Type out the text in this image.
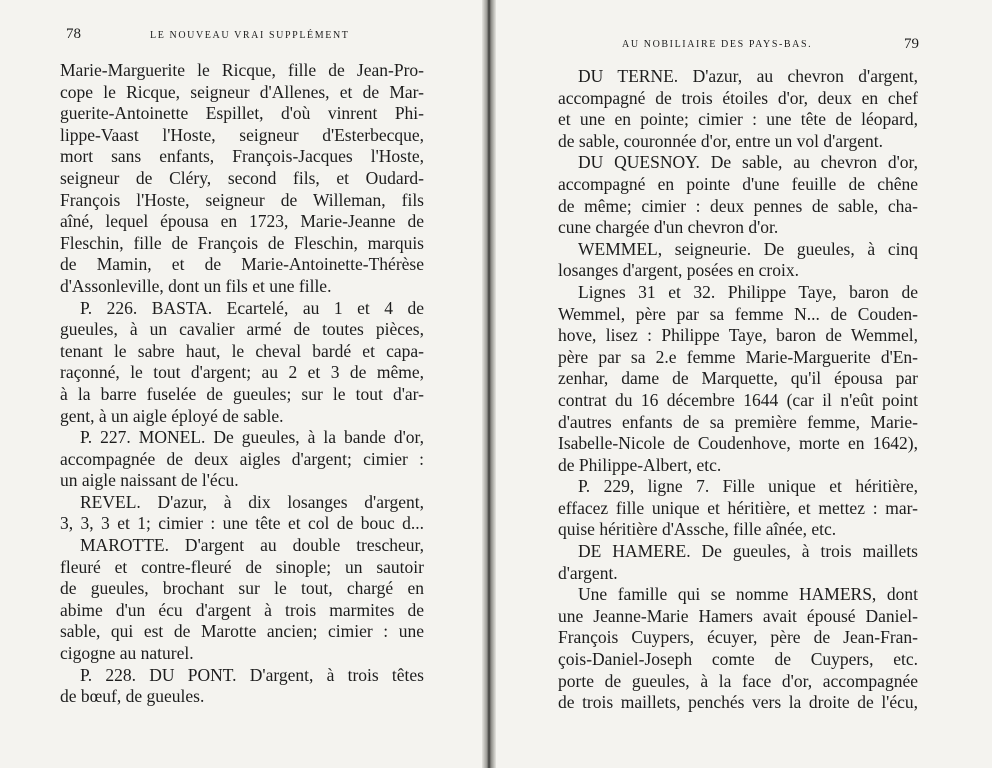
78	LE NOUVEAU VRAI SUPPLÉMENT
Marie-Marguerite le Ricque, fille de Jean-Pro-
cope le Ricque, seigneur d'Allenes, et de Mar-
guerite-Antoinette Espillet, d'où vinrent Phi-
lippe-Vaast l'Hoste, seigneur d'Esterbecque,
mort sans enfants, François-Jacques l'Hoste,
seigneur de Cléry, second fils, et Oudard-
François l'Hoste, seigneur de Willeman, fils
aîné, lequel épousa en 1723, Marie-Jeanne de
Fleschin, fille de François de Fleschin, marquis
de Mamin, et de Marie-Antoinette-Thérèse
d'Assonleville, dont un fils et une fille.
P. 226. BASTA. Ecartelé, au 1 et 4 de
gueules, à un cavalier armé de toutes pièces,
tenant le sabre haut, le cheval bardé et capa-
raçonné, le tout d'argent; au 2 et 3 de même,
à la barre fuselée de gueules; sur le tout d'ar-
gent, à un aigle éployé de sable.
P. 227. MONEL. De gueules, à la bande d'or,
accompagnée de deux aigles d'argent; cimier :
un aigle naissant de l'écu.
REVEL. D'azur, à dix losanges d'argent,
3, 3, 3 et 1; cimier : une tête et col de bouc d...
MAROTTE. D'argent au double trescheur,
fleuré et contre-fleuré de sinople; un sautoir
de gueules, brochant sur le tout, chargé en
abime d'un écu d'argent à trois marmites de
sable, qui est de Marotte ancien; cimier : une
cigogne au naturel.
P. 228. DU PONT. D'argent, à trois têtes
de bœuf, de gueules.
AU NOBILIAIRE DES PAYS-BAS.	79
DU TERNE. D'azur, au chevron d'argent,
accompagné de trois étoiles d'or, deux en chef
et une en pointe; cimier : une tête de léopard,
de sable, couronnée d'or, entre un vol d'argent.
DU QUESNOY. De sable, au chevron d'or,
accompagné en pointe d'une feuille de chêne
de même; cimier : deux pennes de sable, cha-
cune chargée d'un chevron d'or.
WEMMEL, seigneurie. De gueules, à cinq
losanges d'argent, posées en croix.
Lignes 31 et 32. Philippe Taye, baron de
Wemmel, père par sa femme N... de Couden-
hove, lisez : Philippe Taye, baron de Wemmel,
père par sa 2.e femme Marie-Marguerite d'En-
zenhar, dame de Marquette, qu'il épousa par
contrat du 16 décembre 1644 (car il n'eût point
d'autres enfants de sa première femme, Marie-
Isabelle-Nicole de Coudenhove, morte en 1642),
de Philippe-Albert, etc.
P. 229, ligne 7. Fille unique et héritière,
effacez fille unique et héritière, et mettez : mar-
quise héritière d'Assche, fille aînée, etc.
DE HAMERE. De gueules, à trois maillets
d'argent.
Une famille qui se nomme HAMERS, dont
une Jeanne-Marie Hamers avait épousé Daniel-
François Cuypers, écuyer, père de Jean-Fran-
çois-Daniel-Joseph comte de Cuypers, etc.
porte de gueules, à la face d'or, accompagnée
de trois maillets, penchés vers la droite de l'écu,
